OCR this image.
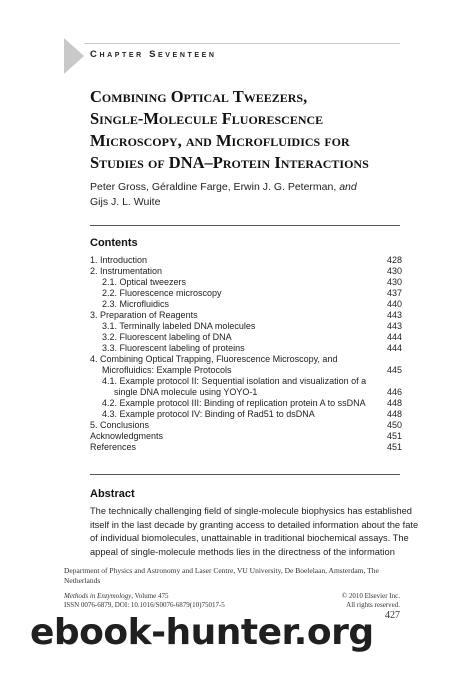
Chapter Seventeen
Combining Optical Tweezers,
Single-Molecule Fluorescence
Microscopy, and Microfluidics for
Studies of DNA–Protein Interactions
Peter Gross, Géraldine Farge, Erwin J. G. Peterman, and
Gijs J. L. Wuite
Contents
1. Introduction	428
2. Instrumentation	430
2.1. Optical tweezers	430
2.2. Fluorescence microscopy	437
2.3. Microfluidics	440
3. Preparation of Reagents	443
3.1. Terminally labeled DNA molecules	443
3.2. Fluorescent labeling of DNA	444
3.3. Fluorescent labeling of proteins	444
4. Combining Optical Trapping, Fluorescence Microscopy, and
Microfluidics: Example Protocols	445
4.1. Example protocol II: Sequential isolation and visualization of a
single DNA molecule using YOYO-1	446
4.2. Example protocol III: Binding of replication protein A to ssDNA 448
4.3. Example protocol IV: Binding of Rad51 to dsDNA	448
5. Conclusions	450
Acknowledgments	451
References	451
Abstract
The technically challenging field of single-molecule biophysics has established
itself in the last decade by granting access to detailed information about the fate
of individual biomolecules, unattainable in traditional biochemical assays. The
appeal of single-molecule methods lies in the directness of the information
Department of Physics and Astronomy and Laser Centre, VU University, De Boelelaan, Amsterdam, The Netherlands
Methods in Enzymology, Volume 475	© 2010 Elsevier Inc.
ISSN 0076-6879, DOI: 10.1016/S0076-6879(10)75017-5	All rights reserved.
427
ebook-hunter.org
